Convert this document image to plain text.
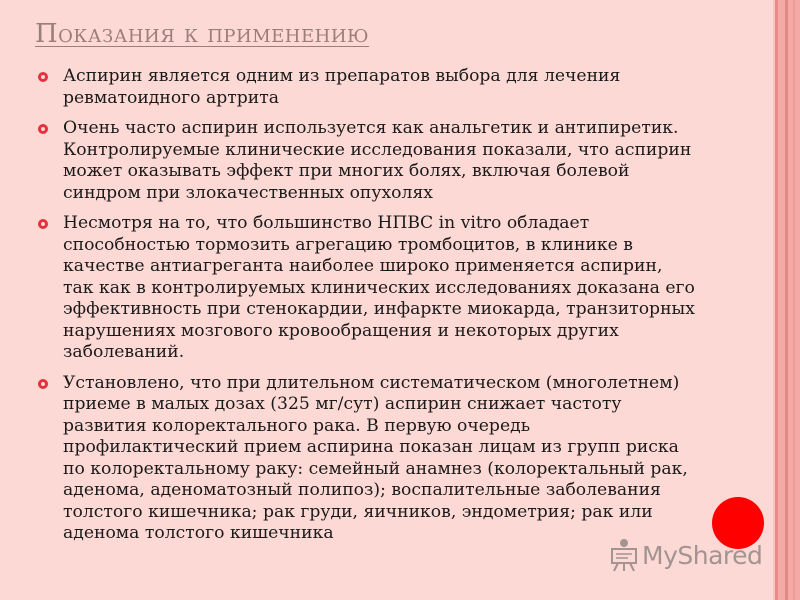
Показания к применению
Аспирин является одним из препаратов выбора для лечения ревматоидного артрита
Очень часто аспирин используется как анальгетик и антипиретик. Контролируемые клинические исследования показали, что аспирин может оказывать эффект при многих болях, включая болевой синдром при злокачественных опухолях
Несмотря на то, что большинство НПВС in vitro обладает способностью тормозить агрегацию тромбоцитов, в клинике в качестве антиагреганта наиболее широко применяется аспирин, так как в контролируемых клинических исследованиях доказана его эффективность при стенокардии, инфаркте миокарда, транзиторных нарушениях мозгового кровообращения и некоторых других заболеваний.
Установлено, что при длительном систематическом (многолетнем) приеме в малых дозах (325 мг/сут) аспирин снижает частоту развития колоректального рака. В первую очередь профилактический прием аспирина показан лицам из групп риска по колоректальному раку: семейный анамнез (колоректальный рак, аденома, аденоматозный полипоз); воспалительные заболевания толстого кишечника; рак груди, яичников, эндометрия; рак или аденома толстого кишечника
MyShared
